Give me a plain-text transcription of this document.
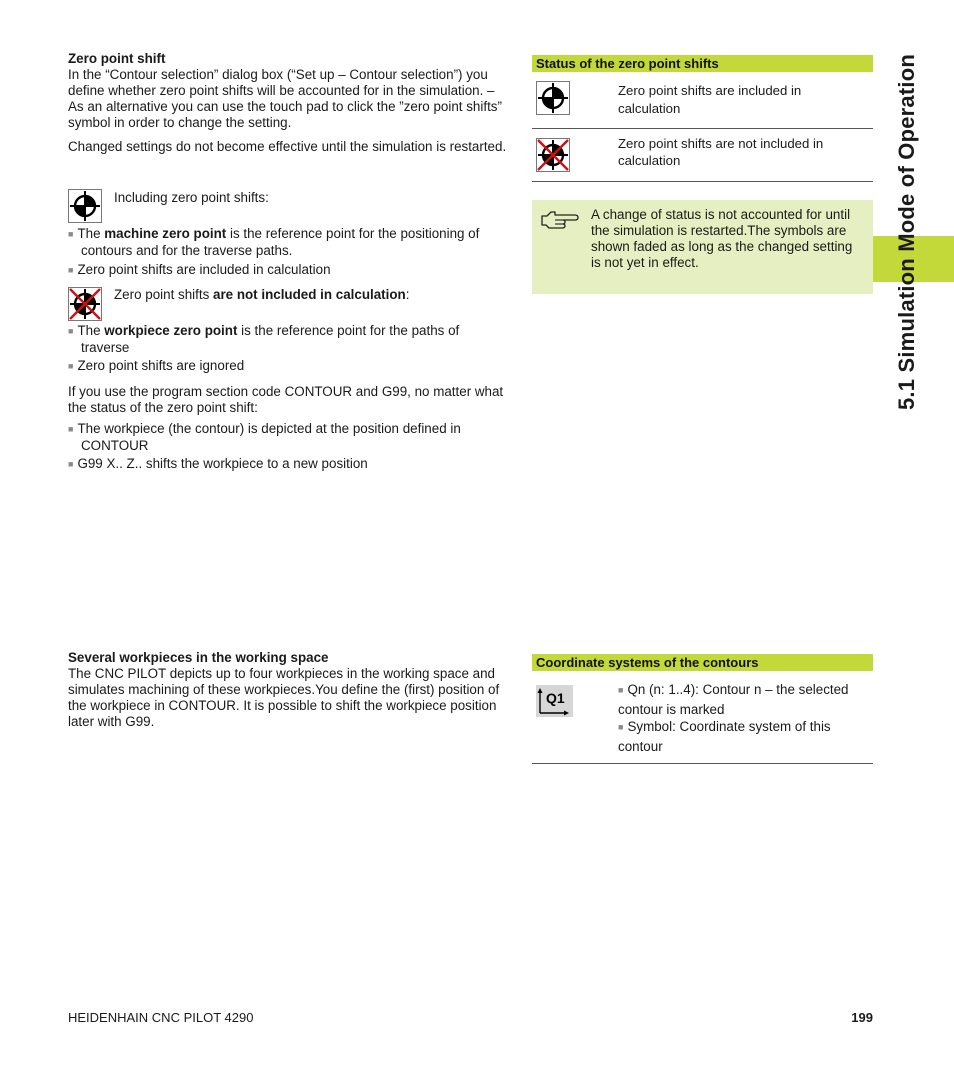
5.1 Simulation Mode of Operation

Zero point shift

In the “Contour selection” dialog box (“Set up – Contour selection”) you define whether zero point shifts will be accounted for in the simulation. – As an alternative you can use the touch pad to click the ”zero point shifts” symbol in order to change the setting.

Changed settings do not become effective until the simulation is restarted.

Including zero point shifts:

■ The machine zero point is the reference point for the positioning of contours and for the traverse paths.

■ Zero point shifts are included in calculation

Zero point shifts are not included in calculation:

■ The workpiece zero point is the reference point for the paths of traverse

■ Zero point shifts are ignored

If you use the program section code CONTOUR and G99, no matter what the status of the zero point shift:

■ The workpiece (the contour) is depicted at the position defined in CONTOUR

■ G99 X.. Z.. shifts the workpiece to a new position

Status of the zero point shifts

Zero point shifts are included in calculation

Zero point shifts are not included in calculation

A change of status is not accounted for until the simulation is restarted.The symbols are shown faded as long as the changed setting is not yet in effect.

Several workpieces in the working space

The CNC PILOT depicts up to four workpieces in the working space and simulates machining of these workpieces.You define the (first) position of the workpiece in CONTOUR. It is possible to shift the workpiece position later with G99.

Coordinate systems of the contours
Q1

■ Qn (n: 1..4): Contour n – the selected contour is marked

■ Symbol: Coordinate system of this contour

HEIDENHAIN CNC PILOT 4290	199
